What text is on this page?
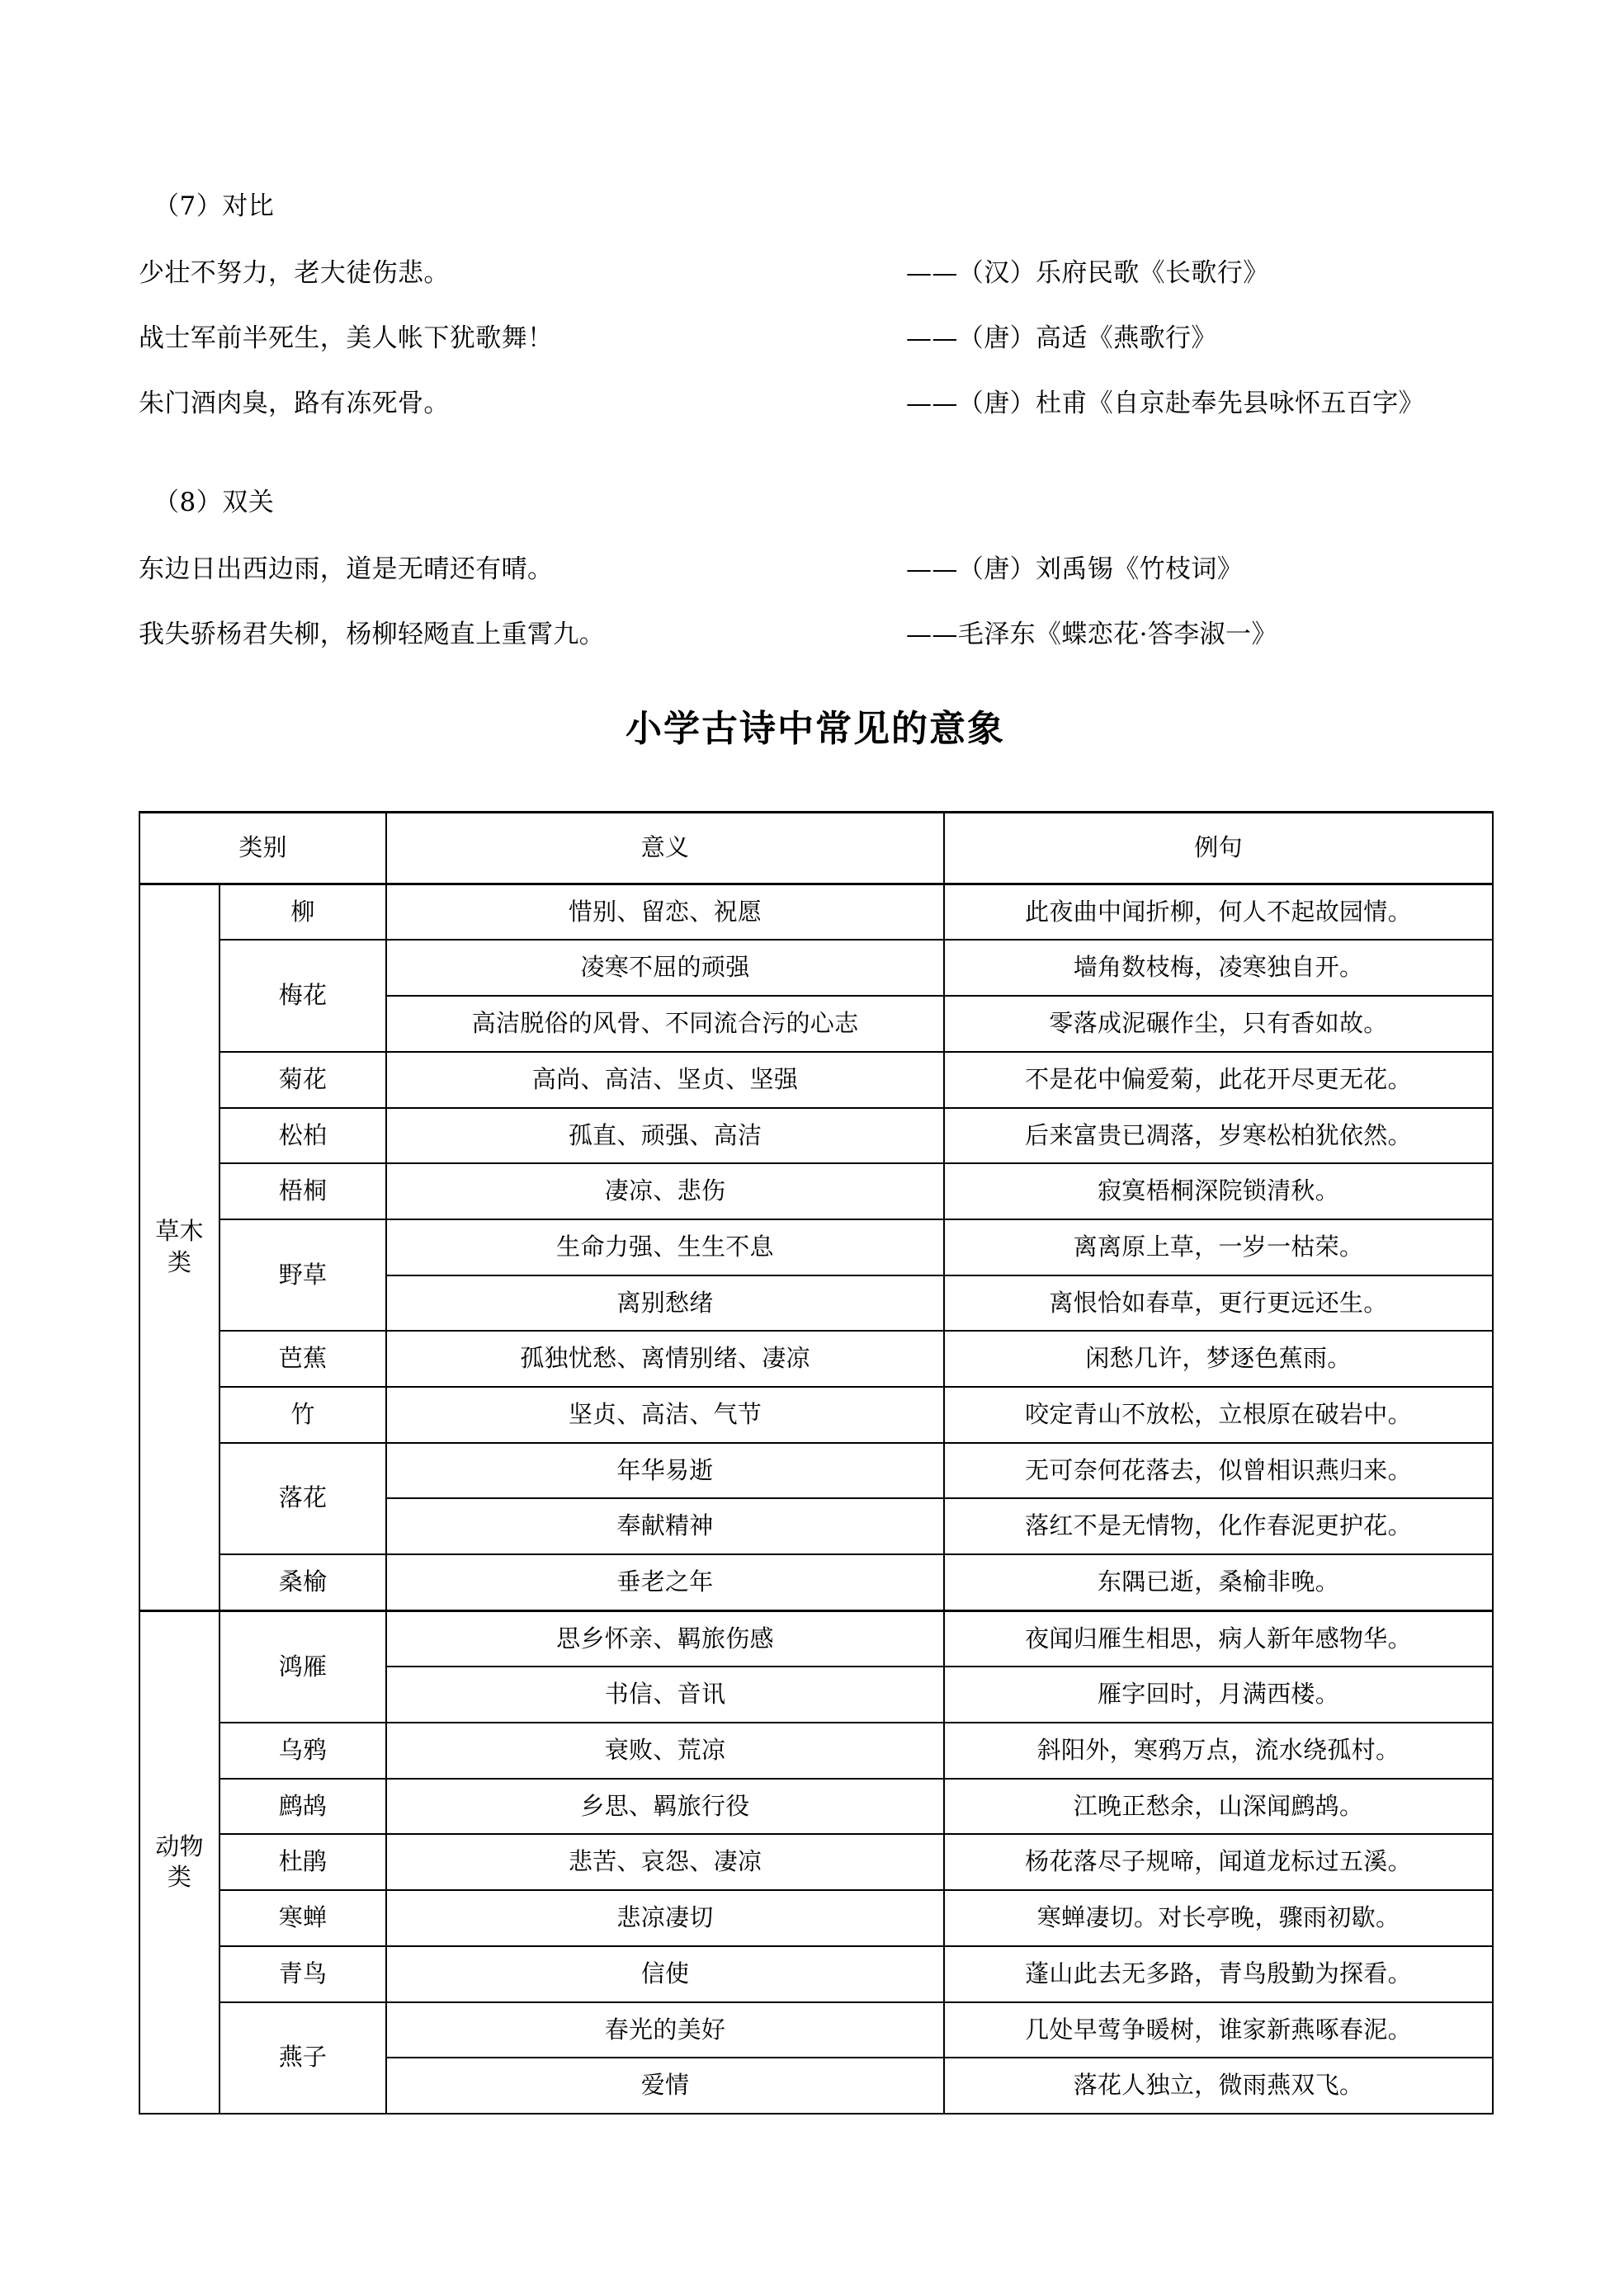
（7）对比
少壮不努力，老大徒伤悲。	——（汉）乐府民歌《长歌行》
战士军前半死生，美人帐下犹歌舞！	——（唐）高适《燕歌行》
朱门酒肉臭，路有冻死骨。	——（唐）杜甫《自京赴奉先县咏怀五百字》
（8）双关
东边日出西边雨，道是无晴还有晴。	——（唐）刘禹锡《竹枝词》
我失骄杨君失柳，杨柳轻飏直上重霄九。	——毛泽东《蝶恋花·答李淑一》
小学古诗中常见的意象
类别		意义	例句
草木类	柳	惜别、留恋、祝愿	此夜曲中闻折柳，何人不起故园情。
	梅花	凌寒不屈的顽强	墙角数枝梅，凌寒独自开。
		高洁脱俗的风骨、不同流合污的心志	零落成泥碾作尘，只有香如故。
	菊花	高尚、高洁、坚贞、坚强	不是花中偏爱菊，此花开尽更无花。
	松柏	孤直、顽强、高洁	后来富贵已凋落，岁寒松柏犹依然。
	梧桐	凄凉、悲伤	寂寞梧桐深院锁清秋。
	野草	生命力强、生生不息	离离原上草，一岁一枯荣。
		离别愁绪	离恨恰如春草，更行更远还生。
	芭蕉	孤独忧愁、离情别绪、凄凉	闲愁几许，梦逐色蕉雨。
	竹	坚贞、高洁、气节	咬定青山不放松，立根原在破岩中。
	落花	年华易逝	无可奈何花落去，似曾相识燕归来。
		奉献精神	落红不是无情物，化作春泥更护花。
	桑榆	垂老之年	东隅已逝，桑榆非晚。
动物类	鸿雁	思乡怀亲、羁旅伤感	夜闻归雁生相思，病人新年感物华。
		书信、音讯	雁字回时，月满西楼。
	乌鸦	衰败、荒凉	斜阳外，寒鸦万点，流水绕孤村。
	鹧鸪	乡思、羁旅行役	江晚正愁余，山深闻鹧鸪。
	杜鹃	悲苦、哀怨、凄凉	杨花落尽子规啼，闻道龙标过五溪。
	寒蝉	悲凉凄切	寒蝉凄切。对长亭晚，骤雨初歇。
	青鸟	信使	蓬山此去无多路，青鸟殷勤为探看。
	燕子	春光的美好	几处早莺争暖树，谁家新燕啄春泥。
		爱情	落花人独立，微雨燕双飞。
